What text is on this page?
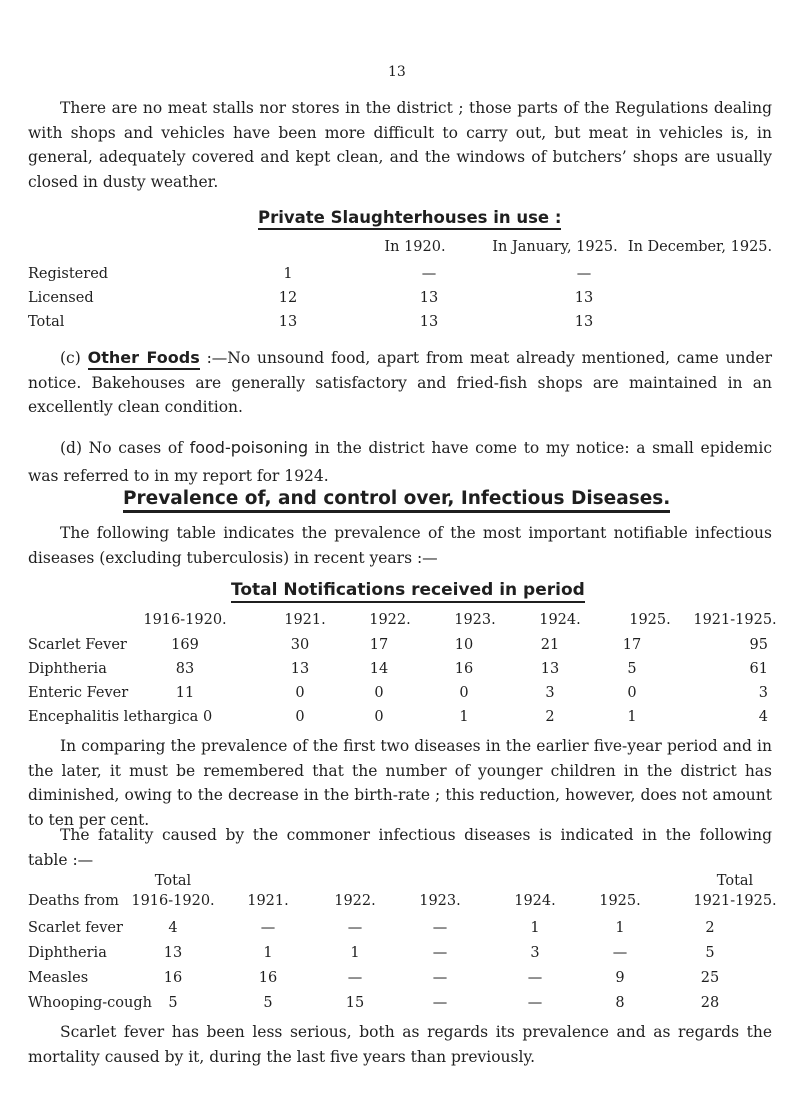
13
There are no meat stalls nor stores in the district ; those parts of the Regulations dealing with shops and vehicles have been more difficult to carry out, but meat in vehicles is, in general, adequately covered and kept clean, and the windows of butchers’ shops are usually closed in dusty weather.
Private Slaughterhouses in use :
In 1920.	In January, 1925. In December, 1925.
Registered	1	—	—
Licensed	12	13	13
Total	13	13	13
(c) Other Foods :—No unsound food, apart from meat already mentioned, came under notice. Bakehouses are generally satisfactory and fried-fish shops are maintained in an excellently clean condition.
(d) No cases of food-poisoning in the district have come to my notice: a small epidemic was referred to in my report for 1924.
Prevalence of, and control over, Infectious Diseases.
The following table indicates the prevalence of the most important notifiable infectious diseases (excluding tuberculosis) in recent years :—
Total Notifications received in period
1916-1920.	1921.	1922.	1923.	1924.	1925.	1921-1925.
Scarlet Fever	169	30	17	10	21	17	95
Diphtheria	83	13	14	16	13	5	61
Enteric Fever	11	0	0	0	3	0	3
Encephalitis lethargica 0	0	0	1	2	1	4
In comparing the prevalence of the first two diseases in the earlier five-year period and in the later, it must be remembered that the number of younger children in the district has diminished, owing to the decrease in the birth-rate ; this reduction, however, does not amount to ten per cent.
The fatality caused by the commoner infectious diseases is indicated in the following table :—
Total	Total
Deaths from 1916-1920.	1921.	1922.	1923.	1924.	1925.	1921-1925.
Scarlet fever	4	—	—	—	1	1	2
Diphtheria	13	1	1	—	3	—	5
Measles	16	16	—	—	—	9	25
Whooping-cough	5	5	15	—	—	8	28
Scarlet fever has been less serious, both as regards its prevalence and as regards the mortality caused by it, during the last five years than previously.
